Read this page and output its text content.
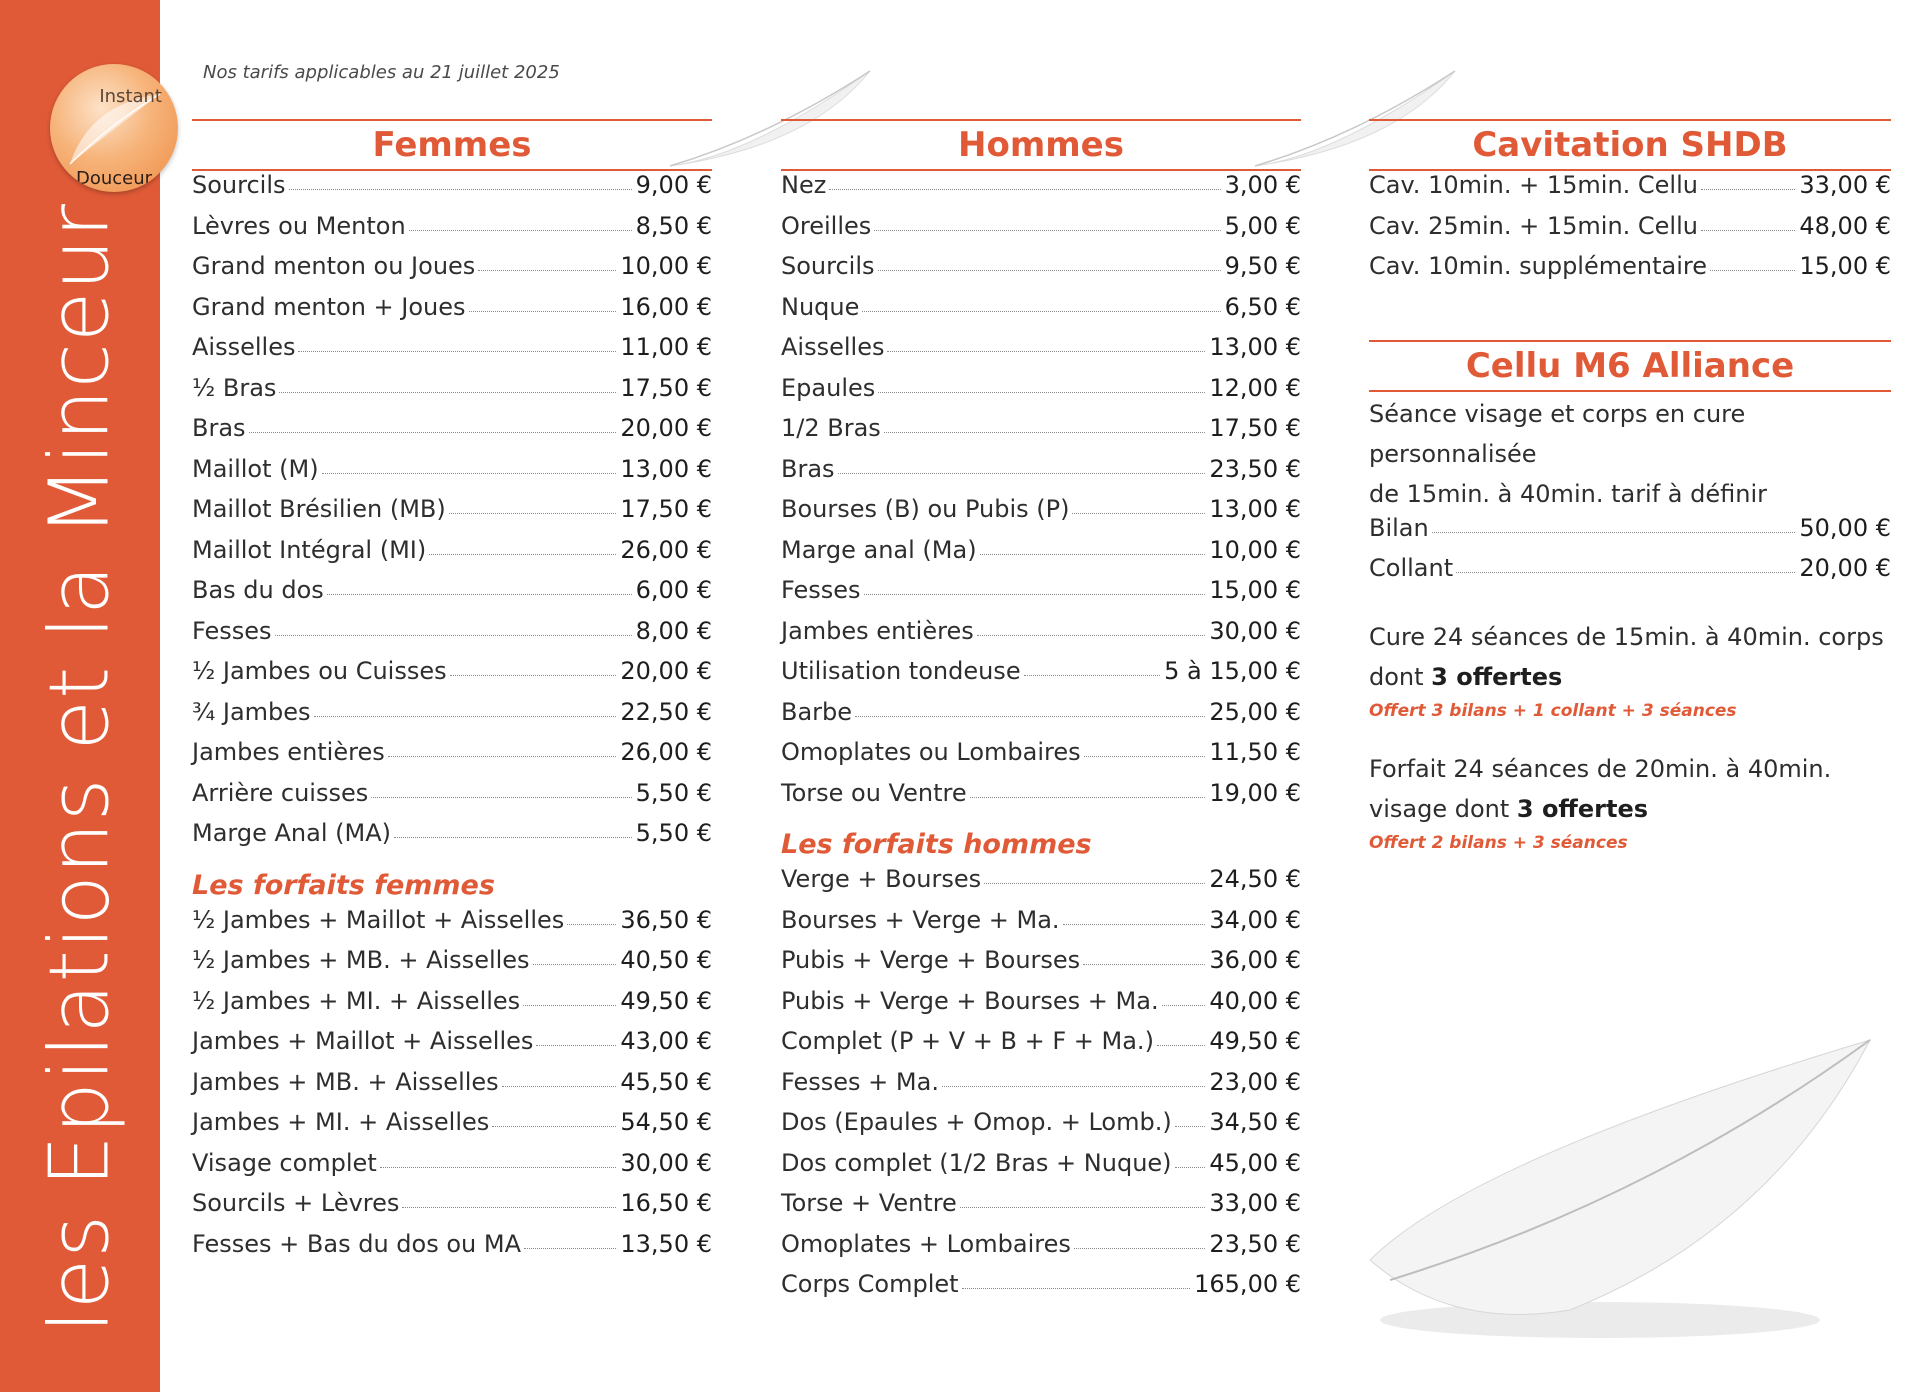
les Epilations et la Minceur
Instant
Douceur
Nos tarifs applicables au 21 juillet 2025
Femmes
Sourcils	9,00 €
Lèvres ou Menton	8,50 €
Grand menton ou Joues	10,00 €
Grand menton + Joues	16,00 €
Aisselles	11,00 €
½ Bras	17,50 €
Bras	20,00 €
Maillot (M)	13,00 €
Maillot Brésilien (MB)	17,50 €
Maillot Intégral (MI)	26,00 €
Bas du dos	6,00 €
Fesses	8,00 €
½ Jambes ou Cuisses	20,00 €
¾ Jambes	22,50 €
Jambes entières	26,00 €
Arrière cuisses	5,50 €
Marge Anal (MA)	5,50 €
Les forfaits femmes
½ Jambes + Maillot + Aisselles 36,50 €
½ Jambes + MB. + Aisselles	40,50 €
½ Jambes + MI. + Aisselles	49,50 €
Jambes + Maillot + Aisselles	43,00 €
Jambes + MB. + Aisselles	45,50 €
Jambes + MI. + Aisselles	54,50 €
Visage complet	30,00 €
Sourcils + Lèvres	16,50 €
Fesses + Bas du dos ou MA	13,50 €
Hommes
Nez	3,00 €
Oreilles	5,00 €
Sourcils	9,50 €
Nuque	6,50 €
Aisselles	13,00 €
Epaules	12,00 €
1/2 Bras	17,50 €
Bras	23,50 €
Bourses (B) ou Pubis (P)	13,00 €
Marge anal (Ma)	10,00 €
Fesses	15,00 €
Jambes entières	30,00 €
Utilisation tondeuse	5 à 15,00 €
Barbe	25,00 €
Omoplates ou Lombaires	11,50 €
Torse ou Ventre	19,00 €
Les forfaits hommes
Verge + Bourses	24,50 €
Bourses + Verge + Ma.	34,00 €
Pubis + Verge + Bourses	36,00 €
Pubis + Verge + Bourses + Ma. 40,00 €
Complet (P + V + B + F + Ma.) 49,50 €
Fesses + Ma.	23,00 €
Dos (Epaules + Omop. + Lomb.) 34,50 €
Dos complet (1/2 Bras + Nuque) 45,00 €
Torse + Ventre	33,00 €
Omoplates + Lombaires	23,50 €
Corps Complet	165,00 €
Cavitation SHDB
Cav. 10min. + 15min. Cellu	33,00 €
Cav. 25min. + 15min. Cellu	48,00 €
Cav. 10min. supplémentaire	15,00 €
Cellu M6 Alliance
Séance visage et corps en cure personnalisée
de 15min. à 40min. tarif à définir
Bilan	50,00 €
Collant	20,00 €
Cure 24 séances de 15min. à 40min. corps
dont 3 offertes
Offert 3 bilans + 1 collant + 3 séances
Forfait 24 séances de 20min. à 40min.
visage dont 3 offertes
Offert 2 bilans + 3 séances
